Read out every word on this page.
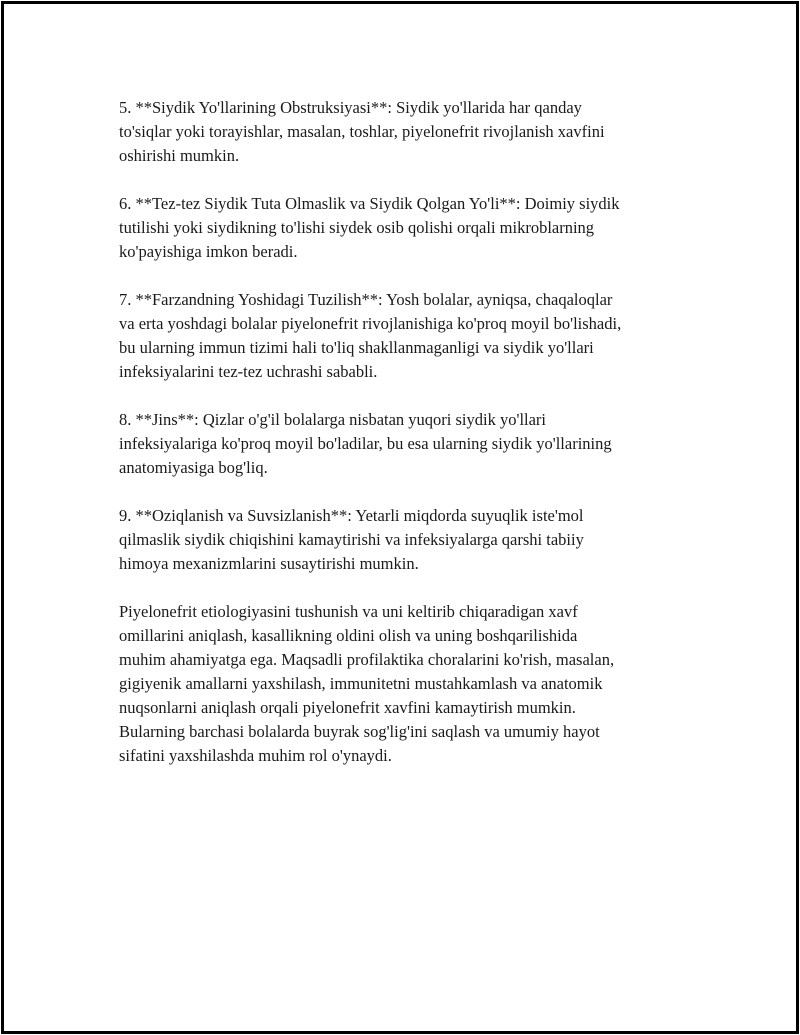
5. **Siydik Yo'llarining Obstruksiyasi**: Siydik yo'llarida har qanday
to'siqlar yoki torayishlar, masalan, toshlar, piyelonefrit rivojlanish xavfini
oshirishi mumkin.

6. **Tez-tez Siydik Tuta Olmaslik va Siydik Qolgan Yo'li**: Doimiy siydik
tutilishi yoki siydikning to'lishi siydek osib qolishi orqali mikroblarning
ko'payishiga imkon beradi.

7. **Farzandning Yoshidagi Tuzilish**: Yosh bolalar, ayniqsa, chaqaloqlar
va erta yoshdagi bolalar piyelonefrit rivojlanishiga ko'proq moyil bo'lishadi,
bu ularning immun tizimi hali to'liq shakllanmaganligi va siydik yo'llari
infeksiyalarini tez-tez uchrashi sababli.

8. **Jins**: Qizlar o'g'il bolalarga nisbatan yuqori siydik yo'llari
infeksiyalariga ko'proq moyil bo'ladilar, bu esa ularning siydik yo'llarining
anatomiyasiga bog'liq.

9. **Oziqlanish va Suvsizlanish**: Yetarli miqdorda suyuqlik iste'mol
qilmaslik siydik chiqishini kamaytirishi va infeksiyalarga qarshi tabiiy
himoya mexanizmlarini susaytirishi mumkin.

Piyelonefrit etiologiyasini tushunish va uni keltirib chiqaradigan xavf
omillarini aniqlash, kasallikning oldini olish va uning boshqarilishida
muhim ahamiyatga ega. Maqsadli profilaktika choralarini ko'rish, masalan,
gigiyenik amallarni yaxshilash, immunitetni mustahkamlash va anatomik
nuqsonlarni aniqlash orqali piyelonefrit xavfini kamaytirish mumkin.
Bularning barchasi bolalarda buyrak sog'lig'ini saqlash va umumiy hayot
sifatini yaxshilashda muhim rol o'ynaydi.
